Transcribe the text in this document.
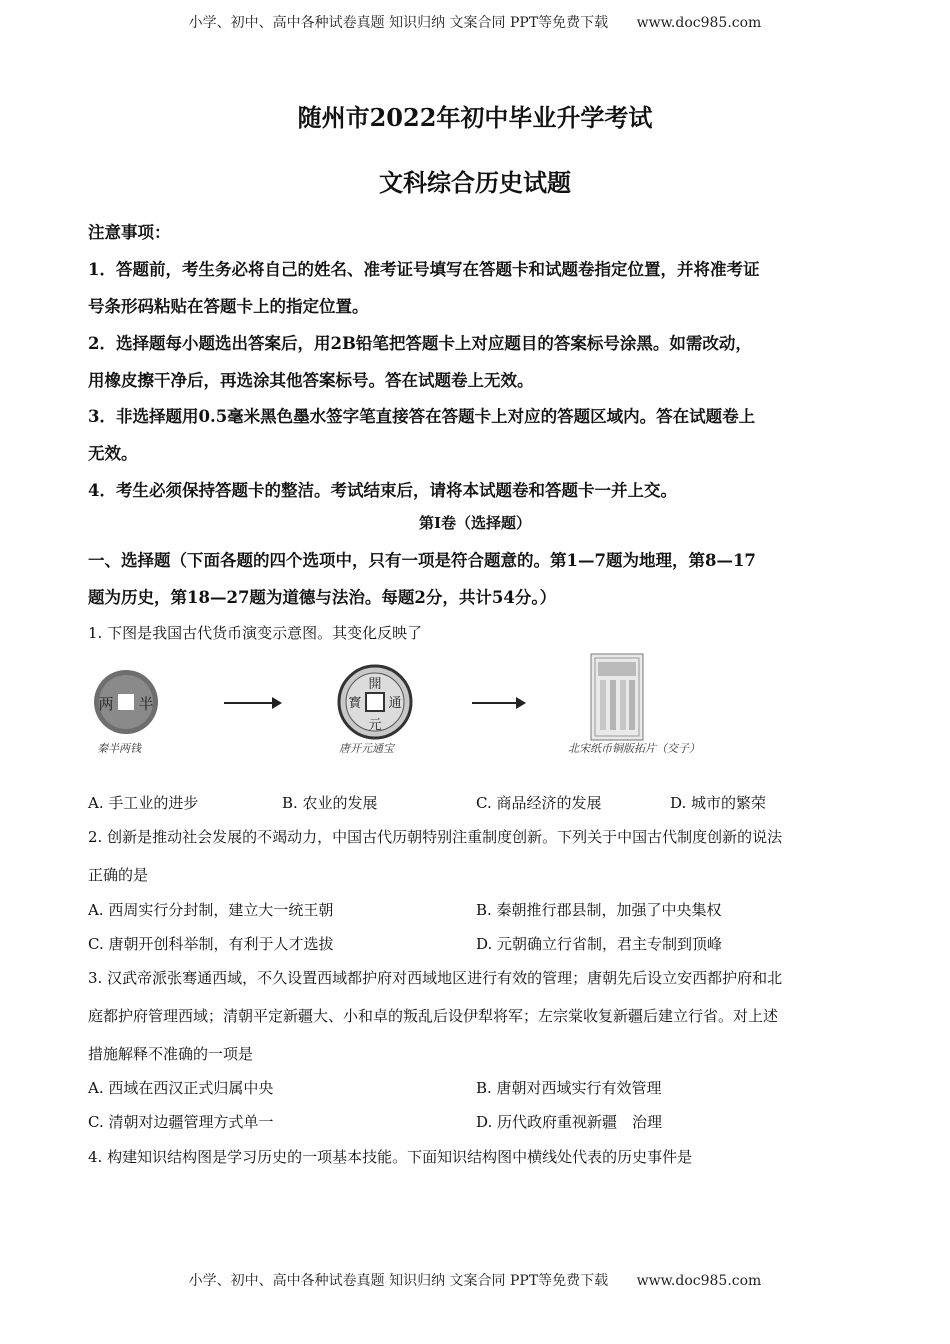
小学、初中、高中各种试卷真题 知识归纳 文案合同 PPT等免费下载 www.doc985.com
随州市2022年初中毕业升学考试
文科综合历史试题
注意事项：
1．答题前，考生务必将自己的姓名、准考证号填写在答题卡和试题卷指定位置，并将准考证
号条形码粘贴在答题卡上的指定位置。
2．选择题每小题选出答案后，用2B铅笔把答题卡上对应题目的答案标号涂黑。如需改动，
用橡皮擦干净后，再选涂其他答案标号。答在试题卷上无效。
3．非选择题用0.5毫米黑色墨水签字笔直接答在答题卡上对应的答题区域内。答在试题卷上
无效。
4．考生必须保持答题卡的整洁。考试结束后，请将本试题卷和答题卡一并上交。
第I卷（选择题）
一、选择题（下面各题的四个选项中，只有一项是符合题意的。第1—7题为地理，第8—17
题为历史，第18—27题为道德与法治。每题2分，共计54分。）
1. 下图是我国古代货币演变示意图。其变化反映了
半
两
開
元
通
寳
秦半两钱	唐开元通宝	北宋纸币铜版拓片（交子）
A. 手工业的进步	B. 农业的发展	C. 商品经济的发展	D. 城市的繁荣
2. 创新是推动社会发展的不竭动力，中国古代历朝特别注重制度创新。下列关于中国古代制度创新的说法
正确的是
A. 西周实行分封制，建立大一统王朝	B. 秦朝推行郡县制，加强了中央集权
C. 唐朝开创科举制，有利于人才选拔	D. 元朝确立行省制，君主专制到顶峰
3. 汉武帝派张骞通西域，不久设置西域都护府对西域地区进行有效的管理；唐朝先后设立安西都护府和北
庭都护府管理西域；清朝平定新疆大、小和卓的叛乱后设伊犁将军；左宗棠收复新疆后建立行省。对上述
措施解释不准确的一项是
A. 西域在西汉正式归属中央	B. 唐朝对西域实行有效管理
C. 清朝对边疆管理方式单一	D. 历代政府重视新疆　治理
4. 构建知识结构图是学习历史的一项基本技能。下面知识结构图中横线处代表的历史事件是
小学、初中、高中各种试卷真题 知识归纳 文案合同 PPT等免费下载 www.doc985.com
